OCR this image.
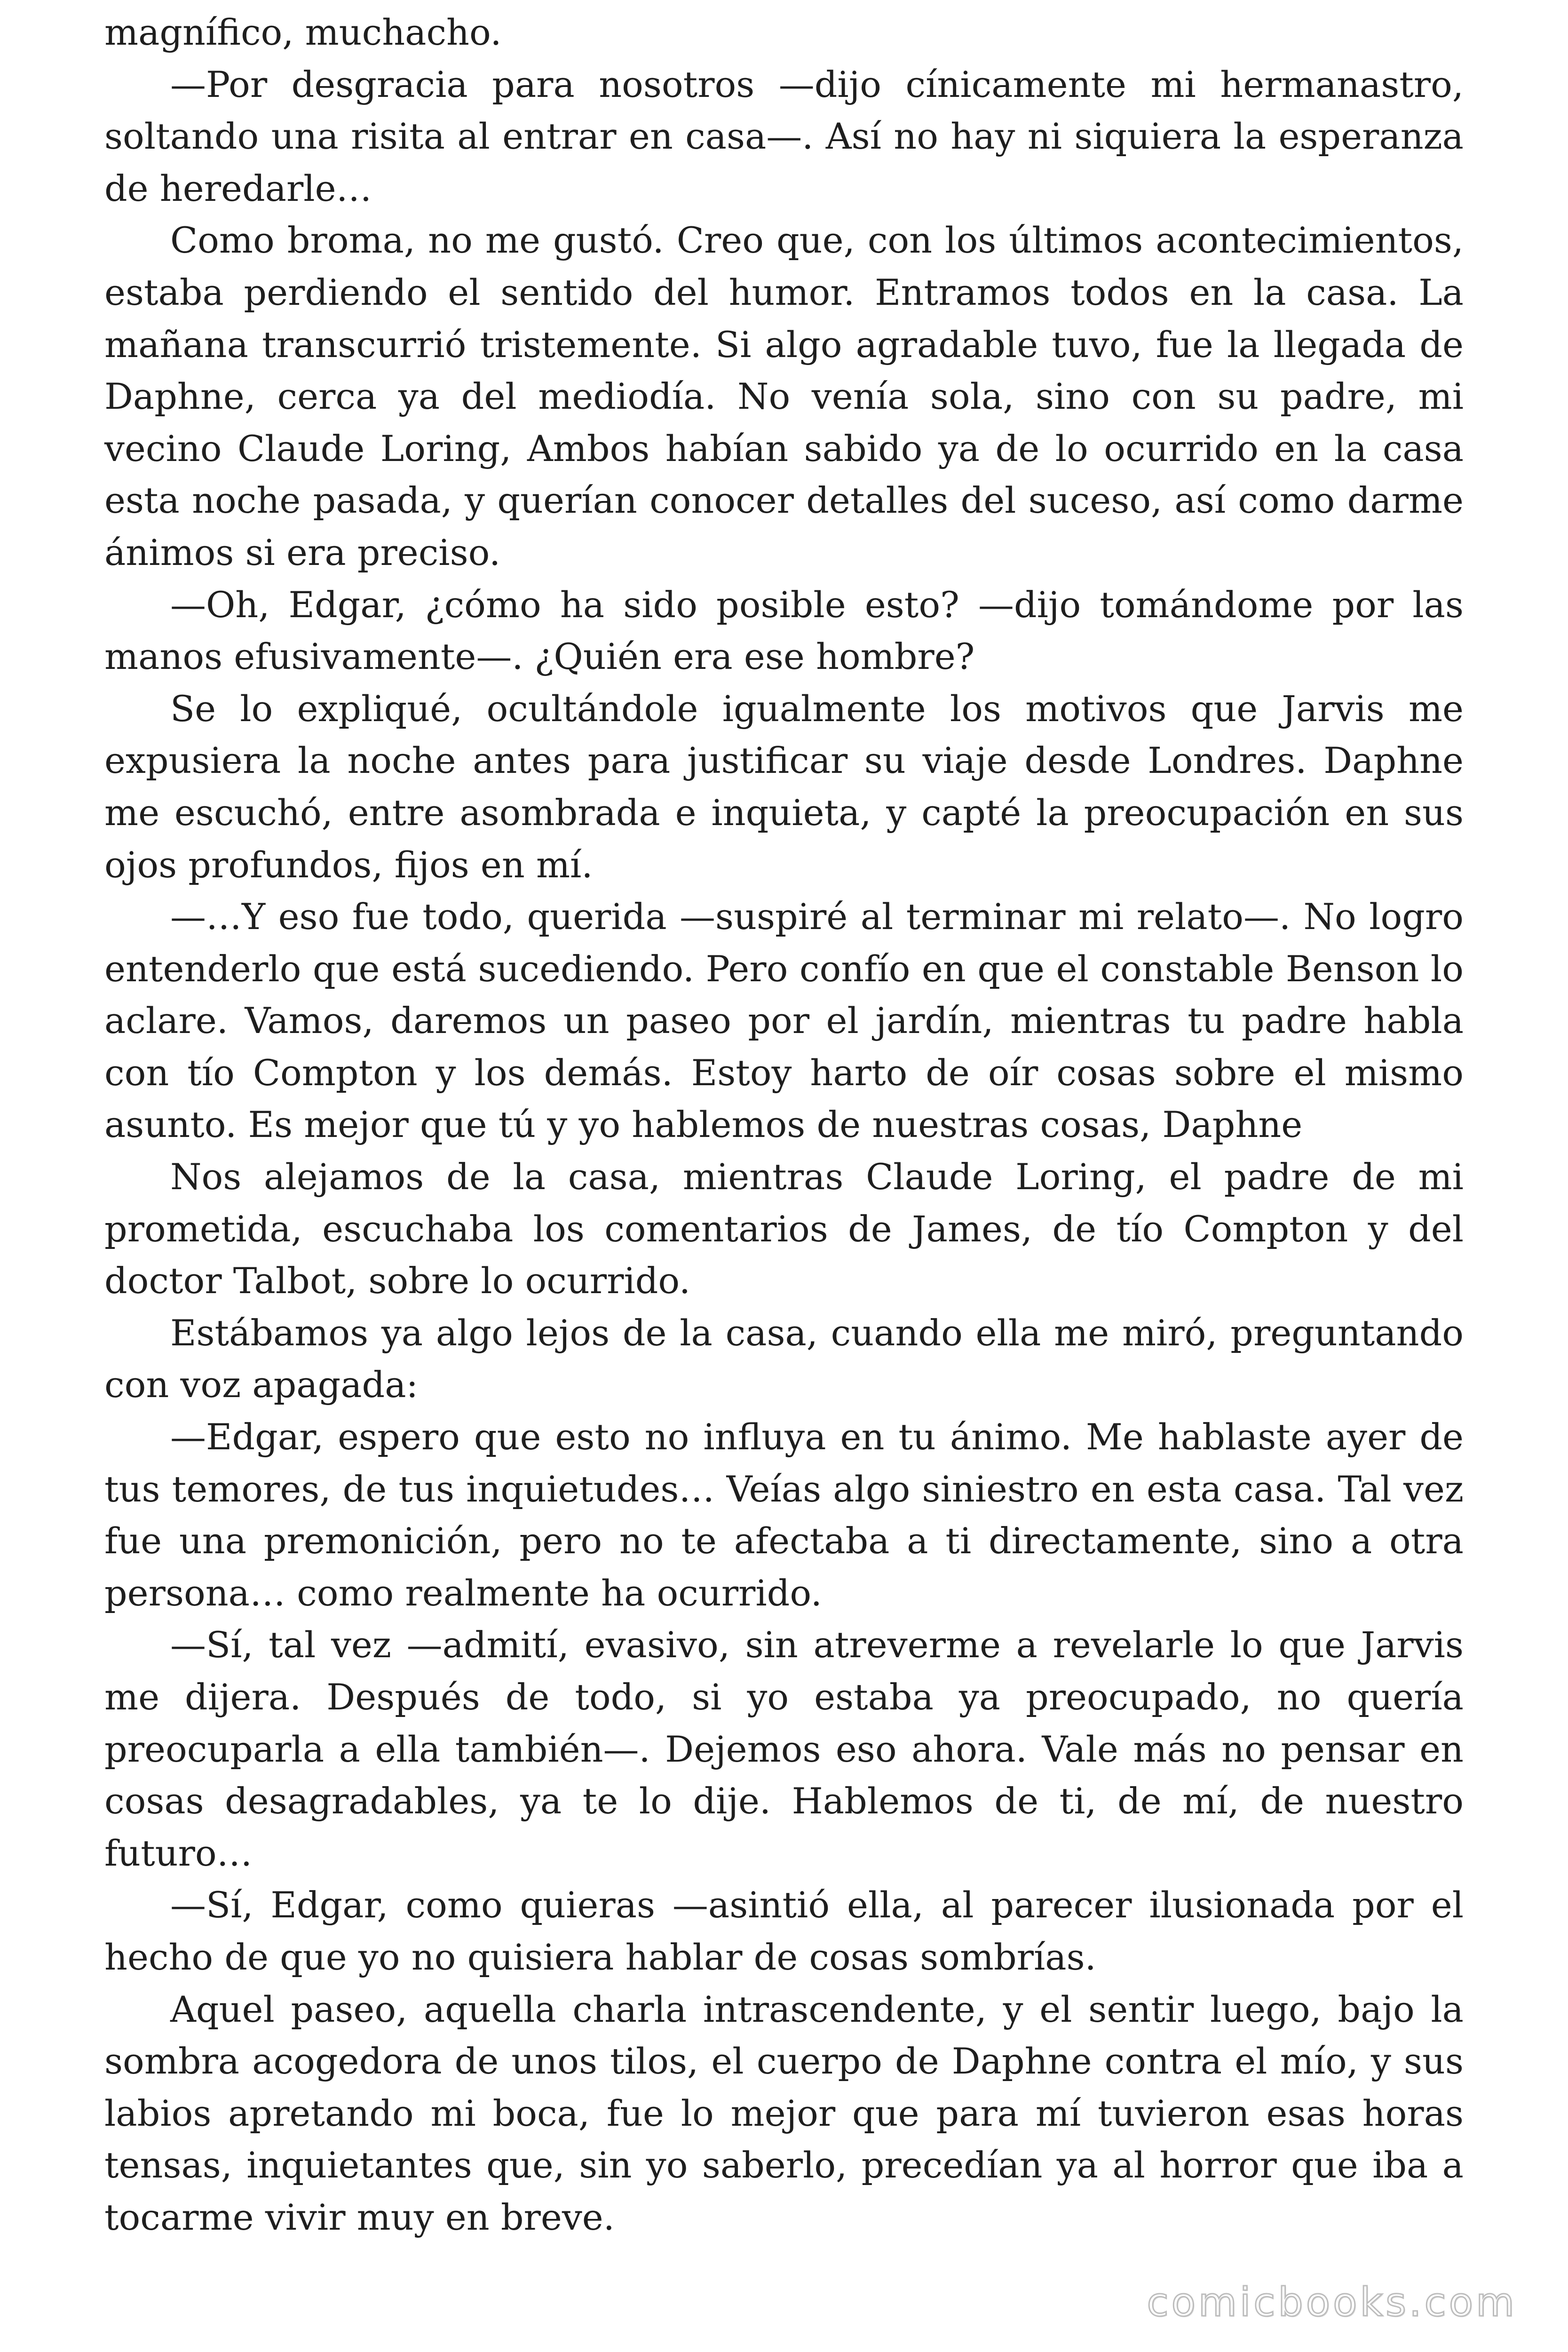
magnífico, muchacho.

—Por desgracia para nosotros —dijo cínicamente mi hermanastro, soltando una risita al entrar en casa—. Así no hay ni siquiera la esperanza de heredarle…

Como broma, no me gustó. Creo que, con los últimos acontecimientos, estaba perdiendo el sentido del humor. Entramos todos en la casa. La mañana transcurrió tristemente. Si algo agradable tuvo, fue la llegada de Daphne, cerca ya del mediodía. No venía sola, sino con su padre, mi vecino Claude Loring, Ambos habían sabido ya de lo ocurrido en la casa esta noche pasada, y querían conocer detalles del suceso, así como darme ánimos si era preciso.

—Oh, Edgar, ¿cómo ha sido posible esto? —dijo tomándome por las manos efusivamente—. ¿Quién era ese hombre?

Se lo expliqué, ocultándole igualmente los motivos que Jarvis me expusiera la noche antes para justificar su viaje desde Londres. Daphne me escuchó, entre asombrada e inquieta, y capté la preocupación en sus ojos profundos, fijos en mí.

—…Y eso fue todo, querida —suspiré al terminar mi relato—. No logro entenderlo que está sucediendo. Pero confío en que el constable Benson lo aclare. Vamos, daremos un paseo por el jardín, mientras tu padre habla con tío Compton y los demás. Estoy harto de oír cosas sobre el mismo asunto. Es mejor que tú y yo hablemos de nuestras cosas, Daphne

Nos alejamos de la casa, mientras Claude Loring, el padre de mi prometida, escuchaba los comentarios de James, de tío Compton y del doctor Talbot, sobre lo ocurrido.

Estábamos ya algo lejos de la casa, cuando ella me miró, preguntando con voz apagada:

—Edgar, espero que esto no influya en tu ánimo. Me hablaste ayer de tus temores, de tus inquietudes… Veías algo siniestro en esta casa. Tal vez fue una premonición, pero no te afectaba a ti directamente, sino a otra persona… como realmente ha ocurrido.

—Sí, tal vez —admití, evasivo, sin atreverme a revelarle lo que Jarvis me dijera. Después de todo, si yo estaba ya preocupado, no quería preocuparla a ella también—. Dejemos eso ahora. Vale más no pensar en cosas desagradables, ya te lo dije. Hablemos de ti, de mí, de nuestro futuro…

—Sí, Edgar, como quieras —asintió ella, al parecer ilusionada por el hecho de que yo no quisiera hablar de cosas sombrías.

Aquel paseo, aquella charla intrascendente, y el sentir luego, bajo la sombra acogedora de unos tilos, el cuerpo de Daphne contra el mío, y sus labios apretando mi boca, fue lo mejor que para mí tuvieron esas horas tensas, inquietantes que, sin yo saberlo, precedían ya al horror que iba a tocarme vivir muy en breve.

comicbooks.com
